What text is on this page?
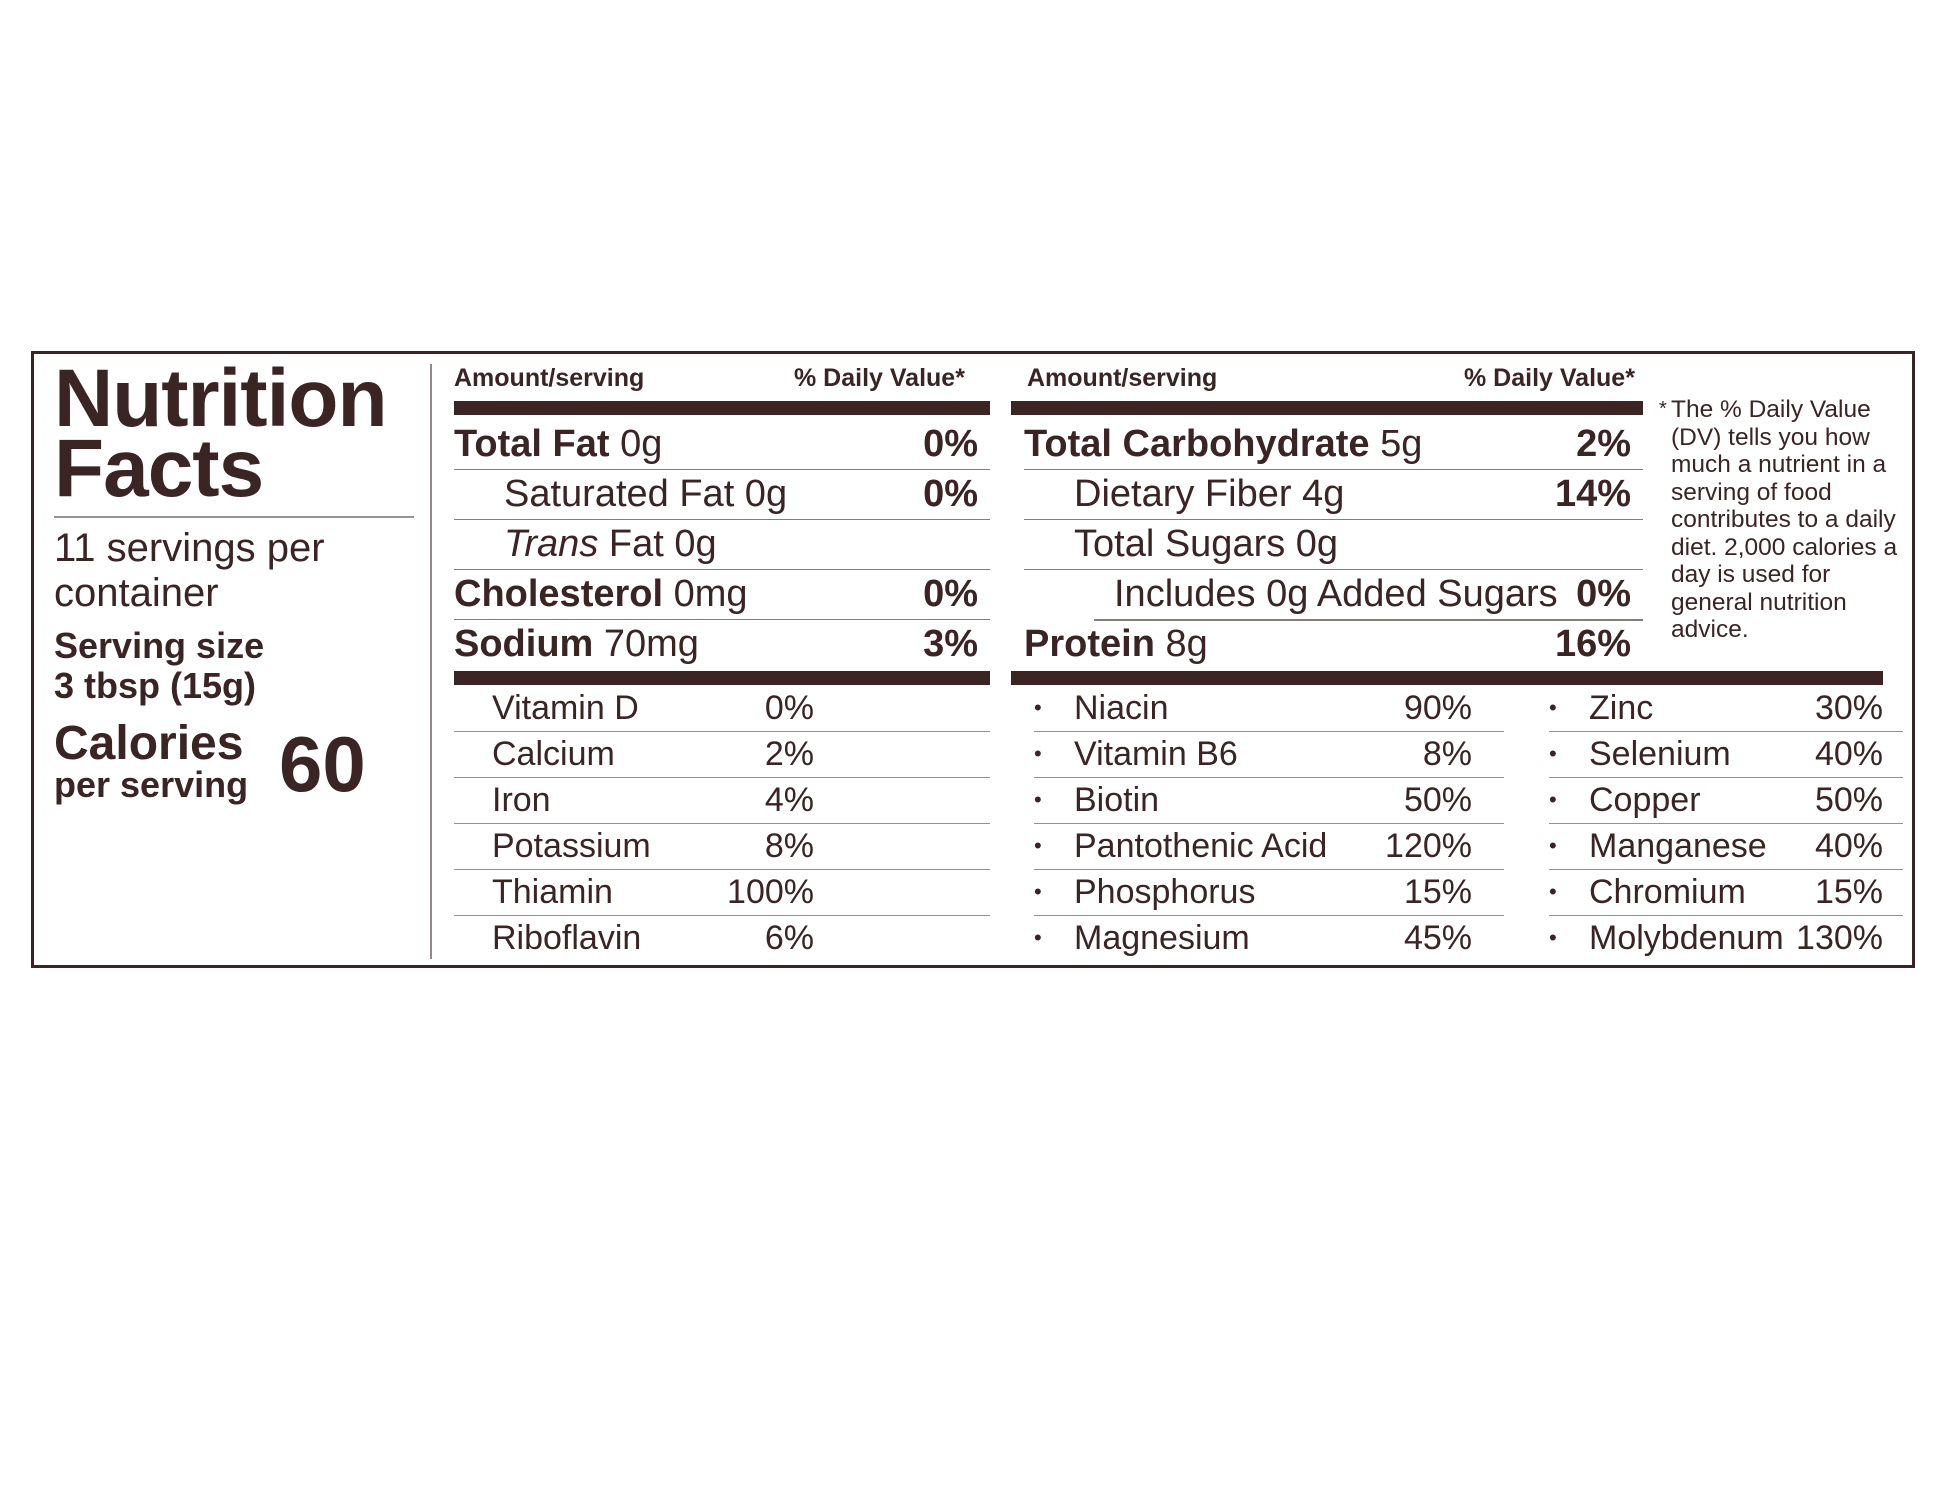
Nutrition
Facts
11 servings per container
Serving size
3 tbsp (15g)
Calories
per serving 60
Amount/serving	% Daily Value*
Total Fat 0g	0%
Saturated Fat 0g	0%
Trans Fat 0g
Cholesterol 0mg	0%
Sodium 70mg	3%
Amount/serving	% Daily Value*
Total Carbohydrate 5g	2%
Dietary Fiber 4g	14%
Total Sugars 0g
Includes 0g Added Sugars 0%
Protein 8g	16%
* The % Daily Value (DV) tells you how much a nutrient in a serving of food contributes to a daily diet. 2,000 calories a day is used for general nutrition advice.
Vitamin D	0%
Calcium	2%
Iron	4%
Potassium	8%
Thiamin	100%
Riboflavin	6%
• Niacin	90%
• Vitamin B6	8%
• Biotin	50%
• Pantothenic Acid 120%
• Phosphorus	15%
• Magnesium	45%
• Zinc	30%
• Selenium 40%
• Copper	50%
• Manganese 40%
• Chromium 15%
• Molybdenum 130%
